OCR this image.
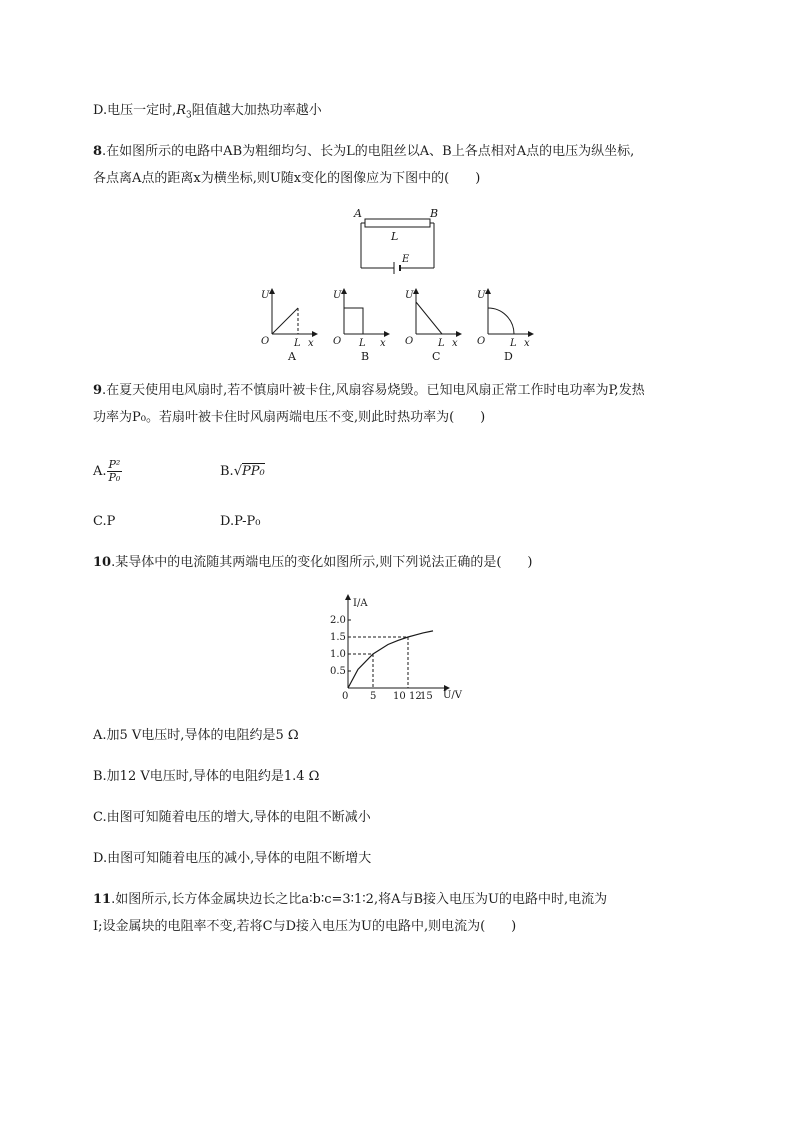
D.电压一定时$,R_3$阻值越大加热功率越小
8.在如图所示的电路中AB为粗细均匀、长为L的电阻丝以A、B上各点相对A点的电压为纵坐标,
各点离A点的距离x为横坐标,则U随x变化的图像应为下图中的(　　)
A	B
L
E
U
O L x
A
U
O L x
B
U
O L x
C
U
O L x
D
9.在夏天使用电风扇时,若不慎扇叶被卡住,风扇容易烧毁。已知电风扇正常工作时电功率为P,发热
功率为P₀。若扇叶被卡住时风扇两端电压不变,则此时热功率为(　　)
A. $\frac{\text{P²}}{\text{P₀}}$	B.√PP₀
C.P	D.P-P₀
10.某导体中的电流随其两端电压的变化如图所示,则下列说法正确的是(　　)
I/A
U/V
2.0
1.5
1.0
0.5
0 5 10 12
15
A.加5 V电压时,导体的电阻约是5 Ω
B.加12 V电压时,导体的电阻约是1.4 Ω
C.由图可知随着电压的增大,导体的电阻不断减小
D.由图可知随着电压的减小,导体的电阻不断增大
11.如图所示,长方体金属块边长之比a∶b∶c=3∶1∶2,将A与B接入电压为U的电路中时,电流为
I;设金属块的电阻率不变,若将C与D接入电压为U的电路中,则电流为(　　)
